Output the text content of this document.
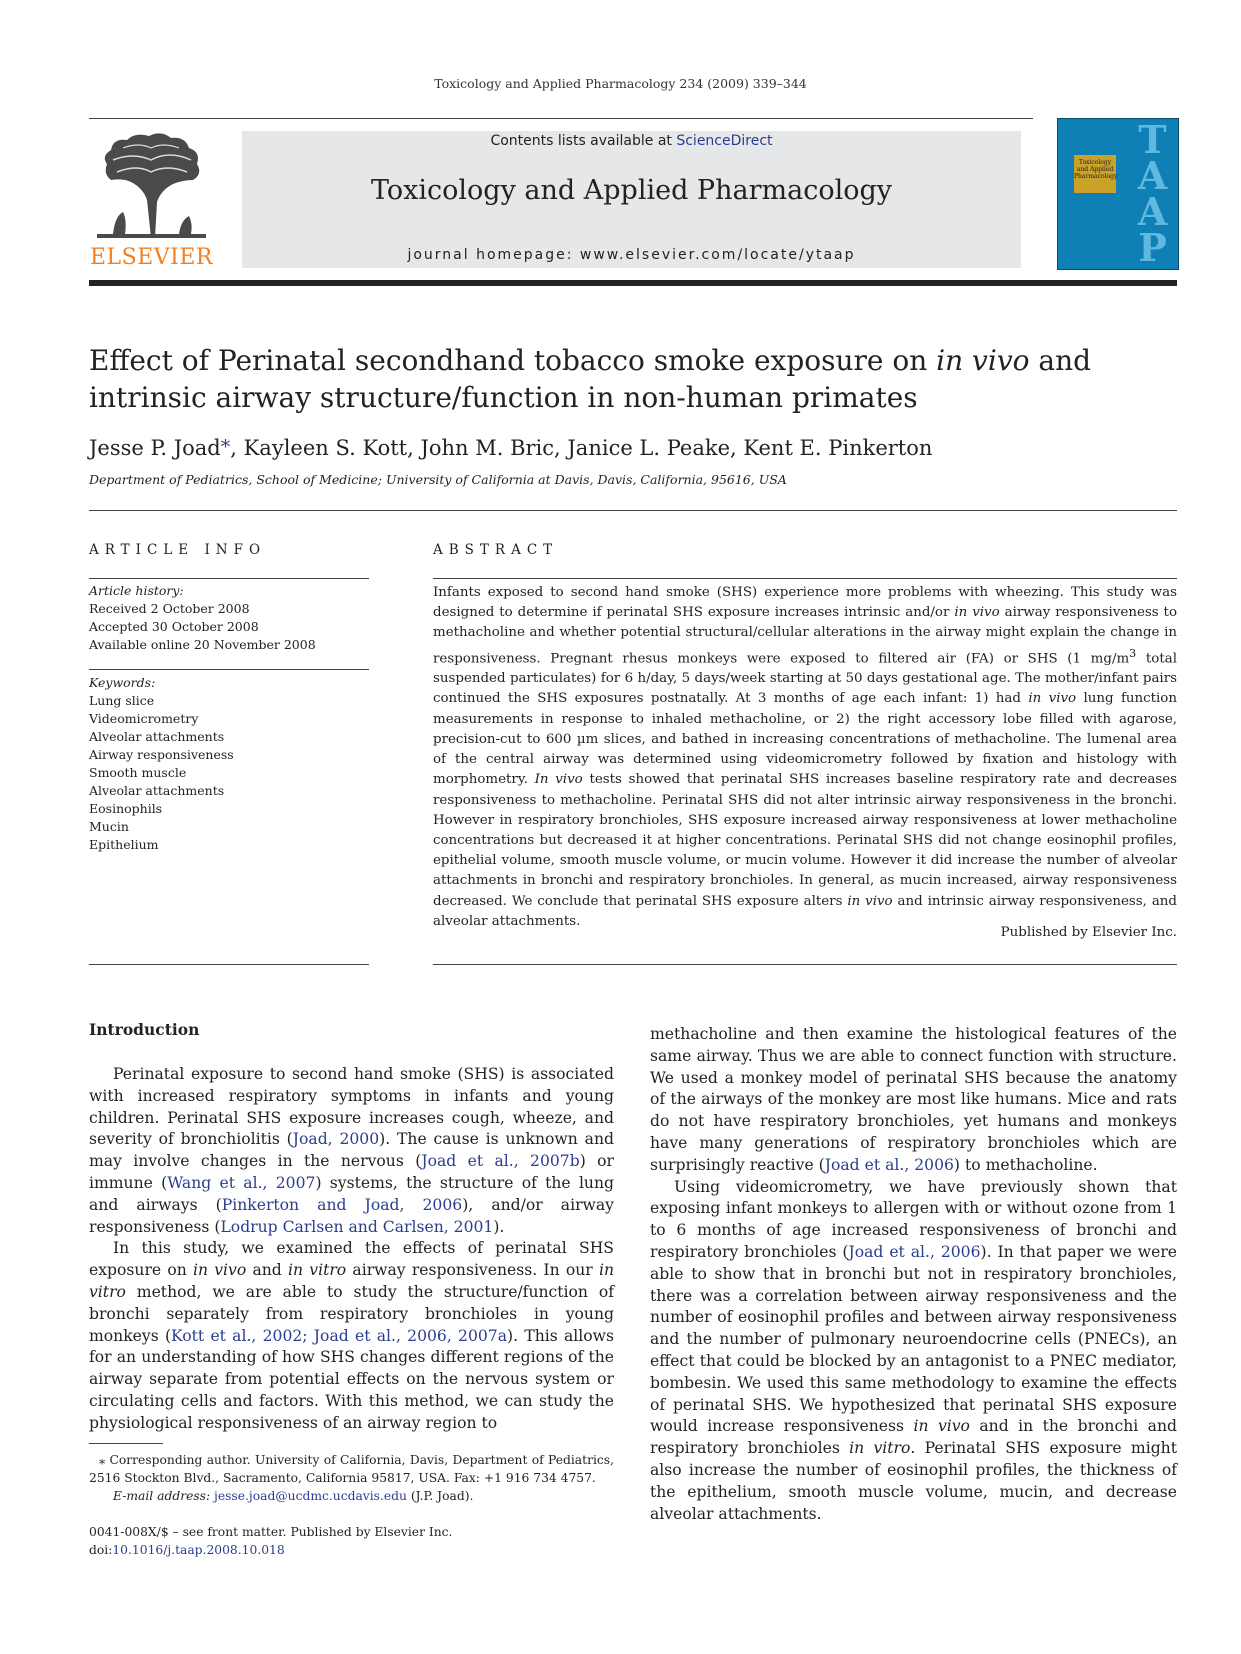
Toxicology and Applied Pharmacology 234 (2009) 339–344
ELSEVIER
Contents lists available at ScienceDirect
Toxicology and Applied Pharmacology
journal homepage: www.elsevier.com/locate/ytaap
Toxicology and Applied Pharmacology
T
A
A
P
Effect of Perinatal secondhand tobacco smoke exposure on in vivo and intrinsic airway structure/function in non-human primates
Jesse P. Joad⁎, Kayleen S. Kott, John M. Bric, Janice L. Peake, Kent E. Pinkerton
Department of Pediatrics, School of Medicine; University of California at Davis, Davis, California, 95616, USA
ARTICLE INFO	ABSTRACT
Article history:
Received 2 October 2008
Accepted 30 October 2008
Available online 20 November 2008
Keywords:
Lung slice
Videomicrometry
Alveolar attachments
Airway responsiveness
Smooth muscle
Alveolar attachments
Eosinophils
Mucin
Epithelium
Infants exposed to second hand smoke (SHS) experience more problems with wheezing. This study was designed to determine if perinatal SHS exposure increases intrinsic and/or in vivo airway responsiveness to methacholine and whether potential structural/cellular alterations in the airway might explain the change in responsiveness. Pregnant rhesus monkeys were exposed to filtered air (FA) or SHS (1 $mg/m^3$ total suspended particulates) for 6 h/day, 5 days/week starting at 50 days gestational age. The mother/infant pairs continued the SHS exposures postnatally. At 3 months of age each infant: 1) had in vivo lung function measurements in response to inhaled methacholine, or 2) the right accessory lobe filled with agarose, precision-cut to 600 µm slices, and bathed in increasing concentrations of methacholine. The lumenal area of the central airway was determined using videomicrometry followed by fixation and histology with morphometry. In vivo tests showed that perinatal SHS increases baseline respiratory rate and decreases responsiveness to methacholine. Perinatal SHS did not alter intrinsic airway responsiveness in the bronchi. However in respiratory bronchioles, SHS exposure increased airway responsiveness at lower methacholine concentrations but decreased it at higher concentrations. Perinatal SHS did not change eosinophil profiles, epithelial volume, smooth muscle volume, or mucin volume. However it did increase the number of alveolar attachments in bronchi and respiratory bronchioles. In general, as mucin increased, airway responsiveness decreased. We conclude that perinatal SHS exposure alters in vivo and intrinsic airway responsiveness, and alveolar attachments.
Published by Elsevier Inc.
Introduction

Perinatal exposure to second hand smoke (SHS) is associated with increased respiratory symptoms in infants and young children. Perinatal SHS exposure increases cough, wheeze, and severity of bronchiolitis (Joad, 2000). The cause is unknown and may involve changes in the nervous (Joad et al., 2007b) or immune (Wang et al., 2007) systems, the structure of the lung and airways (Pinkerton and Joad, 2006), and/or airway responsiveness (Lodrup Carlsen and Carlsen, 2001).

In this study, we examined the effects of perinatal SHS exposure on in vivo and in vitro airway responsiveness. In our in vitro method, we are able to study the structure/function of bronchi separately from respiratory bronchioles in young monkeys (Kott et al., 2002; Joad et al., 2006, 2007a). This allows for an understanding of how SHS changes different regions of the airway separate from potential effects on the nervous system or circulating cells and factors. With this method, we can study the physiological responsiveness of an airway region to

methacholine and then examine the histological features of the same airway. Thus we are able to connect function with structure. We used a monkey model of perinatal SHS because the anatomy of the airways of the monkey are most like humans. Mice and rats do not have respiratory bronchioles, yet humans and monkeys have many generations of respiratory bronchioles which are surprisingly reactive (Joad et al., 2006) to methacholine.

Using videomicrometry, we have previously shown that exposing infant monkeys to allergen with or without ozone from 1 to 6 months of age increased responsiveness of bronchi and respiratory bronchioles (Joad et al., 2006). In that paper we were able to show that in bronchi but not in respiratory bronchioles, there was a correlation between airway responsiveness and the number of eosinophil profiles and between airway responsiveness and the number of pulmonary neuroendocrine cells (PNECs), an effect that could be blocked by an antagonist to a PNEC mediator, bombesin. We used this same methodology to examine the effects of perinatal SHS. We hypothesized that perinatal SHS exposure would increase responsiveness in vivo and in the bronchi and respiratory bronchioles in vitro. Perinatal SHS exposure might also increase the number of eosinophil profiles, the thickness of the epithelium, smooth muscle volume, mucin, and decrease alveolar attachments.

⁎ Corresponding author. University of California, Davis, Department of Pediatrics, 2516 Stockton Blvd., Sacramento, California 95817, USA. Fax: +1 916 734 4757.
E-mail address: jesse.joad@ucdmc.ucdavis.edu (J.P. Joad).
0041-008X/$ – see front matter. Published by Elsevier Inc.
doi:10.1016/j.taap.2008.10.018
